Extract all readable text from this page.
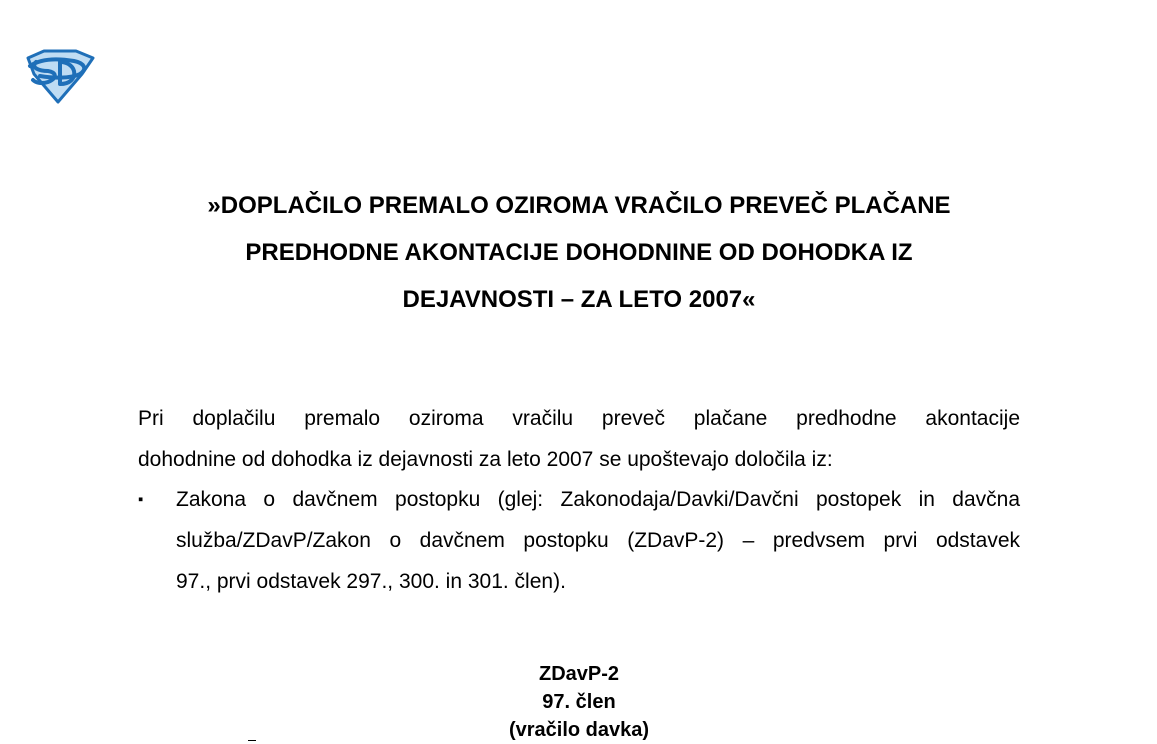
»DOPLAČILO PREMALO OZIROMA VRAČILO PREVEČ PLAČANE
PREDHODNE AKONTACIJE DOHODNINE OD DOHODKA IZ
DEJAVNOSTI – ZA LETO 2007«
Pri doplačilu premalo oziroma vračilu preveč plačane predhodne akontacije
dohodnine od dohodka iz dejavnosti za leto 2007 se upoštevajo določila iz:
▪ Zakona o davčnem postopku (glej: Zakonodaja/Davki/Davčni postopek in davčna
služba/ZDavP/Zakon o davčnem postopku (ZDavP-2) – predvsem prvi odstavek
97., prvi odstavek 297., 300. in 301. člen).
ZDavP-2
97. člen
(vračilo davka)
